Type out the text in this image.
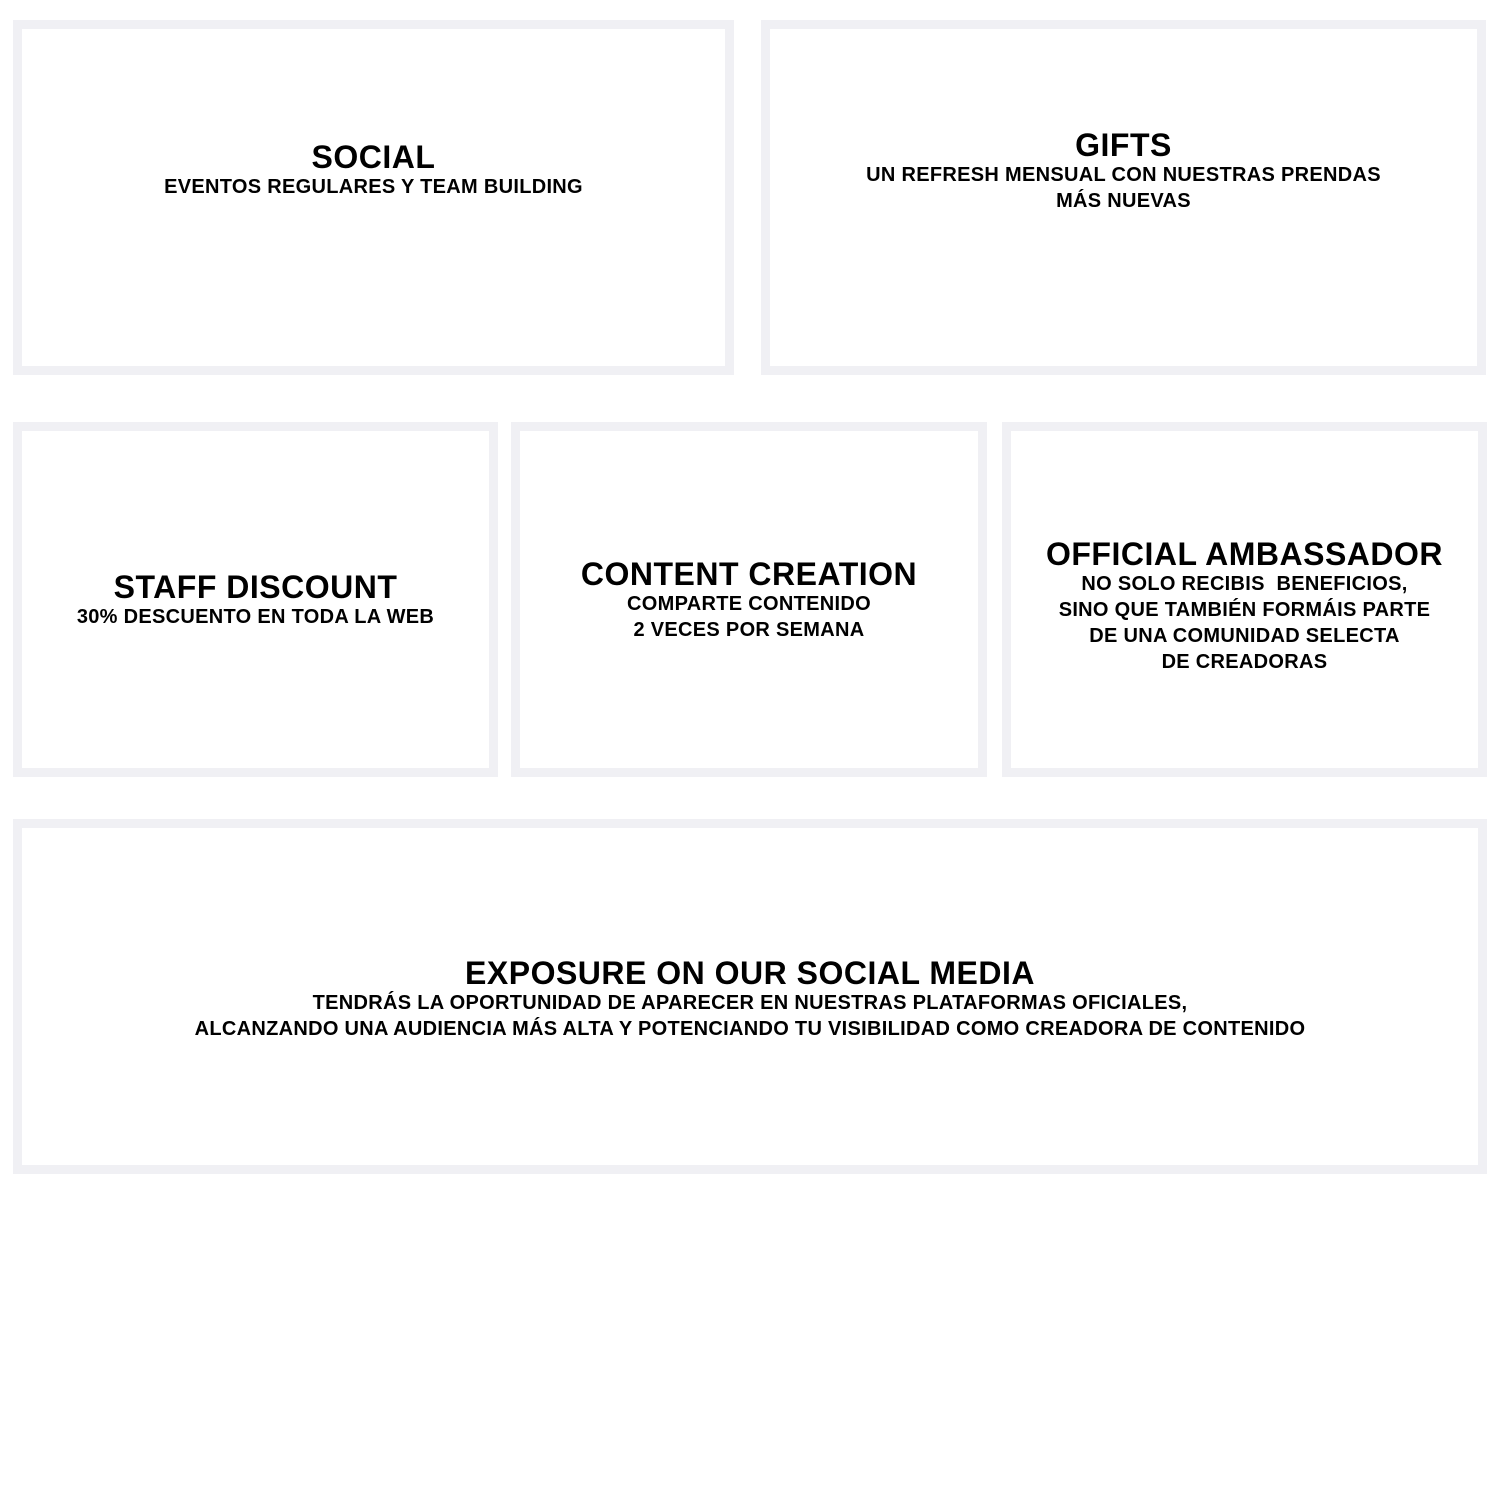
SOCIAL

EVENTOS REGULARES Y TEAM BUILDING

GIFTS

UN REFRESH MENSUAL CON NUESTRAS PRENDAS
MÁS NUEVAS

STAFF DISCOUNT

30% DESCUENTO EN TODA LA WEB

CONTENT CREATION

COMPARTE CONTENIDO
2 VECES POR SEMANA

OFFICIAL AMBASSADOR

NO SOLO RECIBIS  BENEFICIOS,
SINO QUE TAMBIÉN FORMÁIS PARTE
DE UNA COMUNIDAD SELECTA
DE CREADORAS

EXPOSURE ON OUR SOCIAL MEDIA

TENDRÁS LA OPORTUNIDAD DE APARECER EN NUESTRAS PLATAFORMAS OFICIALES,
ALCANZANDO UNA AUDIENCIA MÁS ALTA Y POTENCIANDO TU VISIBILIDAD COMO CREADORA DE CONTENIDO
